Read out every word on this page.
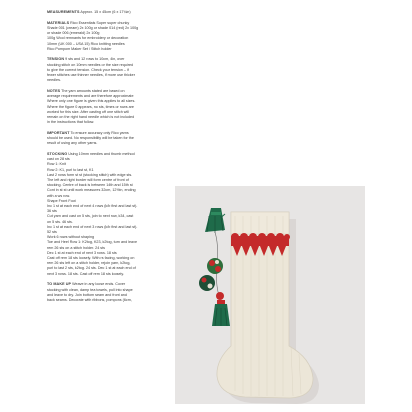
MEASUREMENTS Approx. 15 x 45cm (6 x 17¾in)
MATERIALS Rico Essentials Super super chunky
Shade 001 (cream) 2x 100g or shade 014 (red) 2x 100g
or shade 006 (emerald) 2x 100g
100g Wool remnants for embroidery or decoration
10mm (UK 000 – USA 15) Rico knitting needles
Rico Pompom Maker Set / Stitch holder
TENSION 9 sts and 12 rows to 10cm, 4in, over
stocking stitch on 10mm needles or the size required
to give the correct tension. Check your tension – if
fewer stitches use thinner needles, if more use thicker
needles.
NOTES The yarn amounts stated are based on
average requirements and are therefore approximate
Where only one figure is given this applies to all sizes.
Where the figure 0 appears, no sts, times or rows are
worked for this size. After casting off one stitch will
remain on the right hand needle which is not included
in the instructions that follow.
IMPORTANT To ensure accuracy only Rico yarns
should be used. No responsibility will be taken for the
result of using any other yarns.
STOCKING Using 10mm needles and thumb method
cast on 28 sts
Row 1: Knit
Row 2: K1, purl to last st, K1
Last 2 rows form st st (stocking stitch) with edge sts.
The left and right border will form centre of front of
stocking. Centre of back is between 14th and 15th st
Cont in st st until work measures 32cm, 12½in, ending
with a ws row.
Shape Front Foot
Inc 1 st at each end of next 4 rows (k/b first and last st).
36 sts
Cut yarn and cast on 5 sts, join to next row, k34, cast
on 5 sts. 46 sts.
Inc 1 st at each end of next 3 rows (k/b first and last st).
52 sts
Work 6 rows without shaping
Toe and Heel Row 1: K2tog, K23, k2tog, turn and leave
rem 26 sts on a stitch holder. 24 sts
Dec 1 st at each end of next 3 rows. 18 sts
Cast off rem 18 sts loosely. With rs facing, working on
rem 26 sts left on a stitch holder, rejoin yarn, k2tog,
purl to last 2 sts, k2tog. 24 sts. Dec 1 st at each end of
next 3 rows. 18 sts. Cast off rem 18 sts loosely.
TO MAKE UP Weave in any loose ends. Cover
stocking with clean, damp tea towels, pull into shape
and leave to dry. Join bottom seam and front and
back seams. Decorate with ribbons, pompons (6cm,
